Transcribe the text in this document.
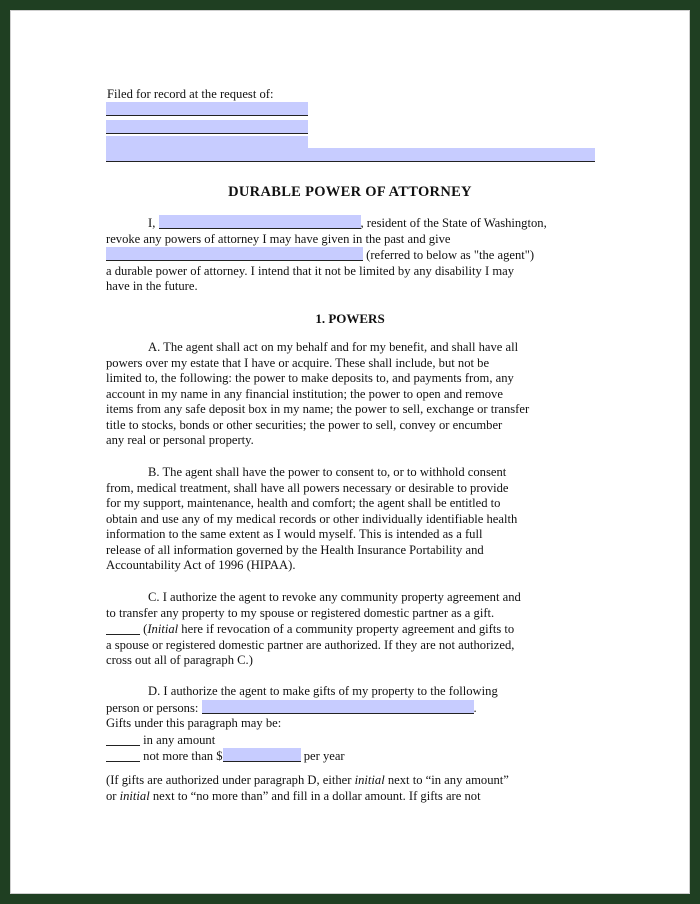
Filed for record at the request of:
DURABLE POWER OF ATTORNEY
I,	, resident of the State of Washington,
revoke any powers of attorney I may have given in the past and give
(referred to below as "the agent")
a durable power of attorney. I intend that it not be limited by any disability I may
have in the future.
1. POWERS
A. The agent shall act on my behalf and for my benefit, and shall have all
powers over my estate that I have or acquire. These shall include, but not be
limited to, the following: the power to make deposits to, and payments from, any
account in my name in any financial institution; the power to open and remove
items from any safe deposit box in my name; the power to sell, exchange or transfer
title to stocks, bonds or other securities; the power to sell, convey or encumber
any real or personal property.
B. The agent shall have the power to consent to, or to withhold consent
from, medical treatment, shall have all powers necessary or desirable to provide
for my support, maintenance, health and comfort; the agent shall be entitled to
obtain and use any of my medical records or other individually identifiable health
information to the same extent as I would myself. This is intended as a full
release of all information governed by the Health Insurance Portability and
Accountability Act of 1996 (HIPAA).
C. I authorize the agent to revoke any community property agreement and
to transfer any property to my spouse or registered domestic partner as a gift.
(Initial here if revocation of a community property agreement and gifts to
a spouse or registered domestic partner are authorized. If they are not authorized,
cross out all of paragraph C.)
D. I authorize the agent to make gifts of my property to the following
person or persons:	.
Gifts under this paragraph may be:
in any amount
not more than $	per year
(If gifts are authorized under paragraph D, either initial next to “in any amount”
or initial next to “no more than” and fill in a dollar amount. If gifts are not
